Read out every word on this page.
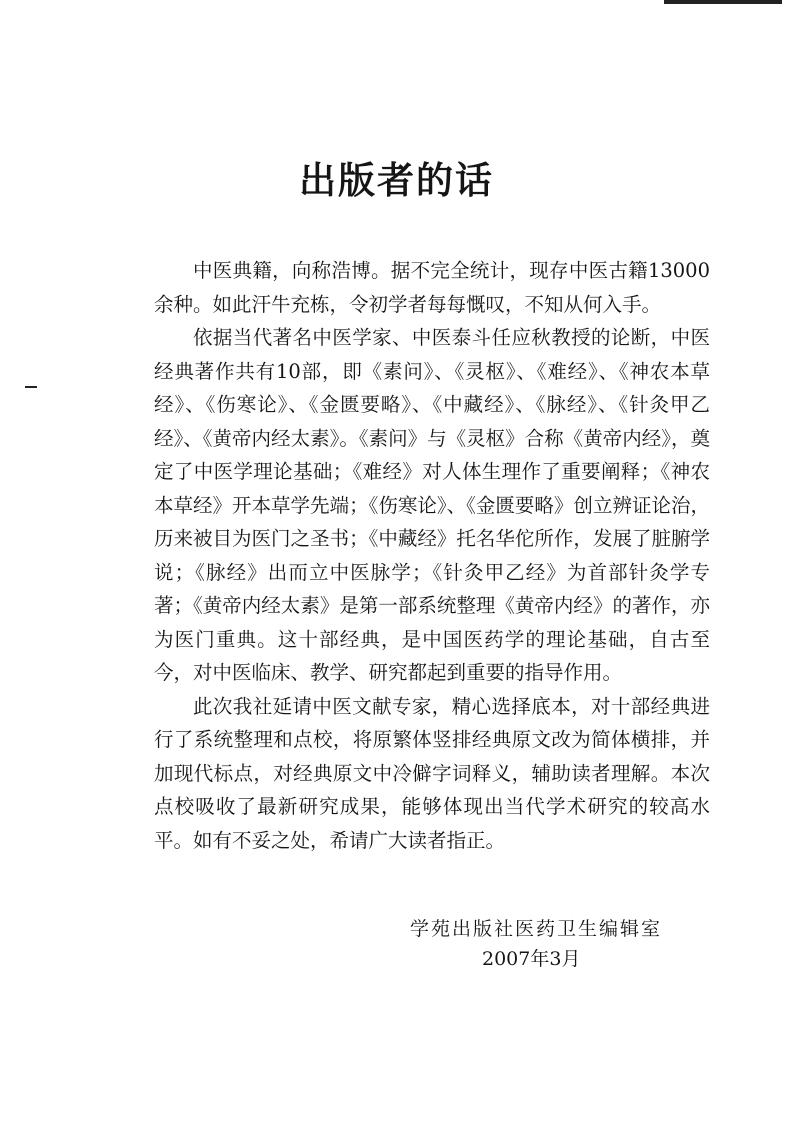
出版者的话

中医典籍，向称浩博。据不完全统计，现存中医古籍13000余种。如此汗牛充栋，令初学者每每慨叹，不知从何入手。

依据当代著名中医学家、中医泰斗任应秋教授的论断，中医经典著作共有10部，即《素问》、《灵枢》、《难经》、《神农本草经》、《伤寒论》、《金匮要略》、《中藏经》、《脉经》、《针灸甲乙经》、《黄帝内经太素》。《素问》与《灵枢》合称《黄帝内经》，奠定了中医学理论基础；《难经》对人体生理作了重要阐释；《神农本草经》开本草学先端；《伤寒论》、《金匮要略》创立辨证论治，历来被目为医门之圣书；《中藏经》托名华佗所作，发展了脏腑学说；《脉经》出而立中医脉学；《针灸甲乙经》为首部针灸学专著；《黄帝内经太素》是第一部系统整理《黄帝内经》的著作，亦为医门重典。这十部经典，是中国医药学的理论基础，自古至今，对中医临床、教学、研究都起到重要的指导作用。

此次我社延请中医文献专家，精心选择底本，对十部经典进行了系统整理和点校，将原繁体竖排经典原文改为简体横排，并加现代标点，对经典原文中冷僻字词释义，辅助读者理解。本次点校吸收了最新研究成果，能够体现出当代学术研究的较高水平。如有不妥之处，希请广大读者指正。

学苑出版社医药卫生编辑室
2007年3月
